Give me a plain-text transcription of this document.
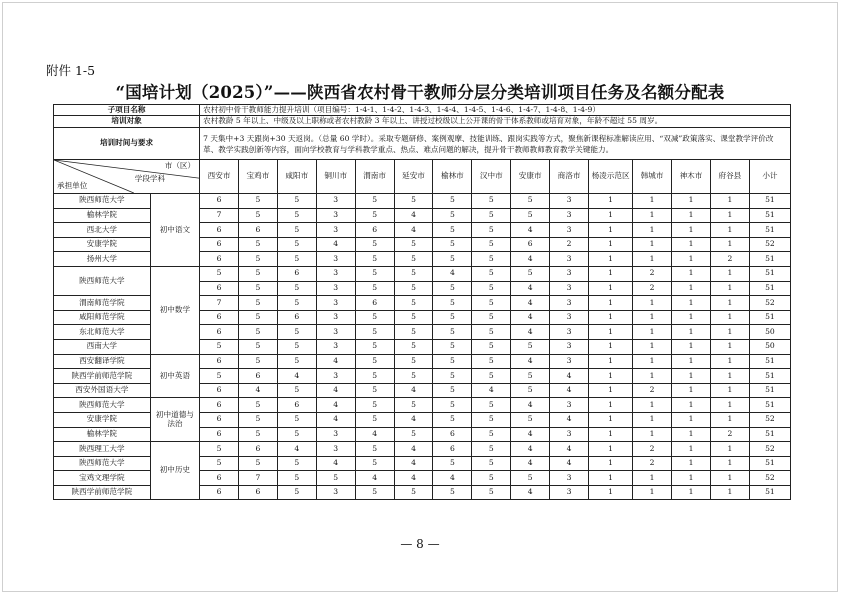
附件 1-5
“国培计划（2025）”——陕西省农村骨干教师分层分类培训项目任务及名额分配表
子项目名称		农村初中骨干教师能力提升培训（项目编号：1-4-1、1-4-2、1-4-3、1-4-4、1-4-5、1-4-6、1-4-7、1-4-8、1-4-9）														
培训对象		农村教龄 5 年以上、中级及以上职称或者农村教龄 3 年以上、讲授过校级以上公开课的骨干体系教师或培育对象，年龄不超过 55 周岁。														
培训时间与要求		7 天集中+3 天跟岗+30 天返岗。（总量 60 学时）。采取专题研修、案例观摩、技能训练、跟岗实践等方式，聚焦新课程标准解读应用、“双减”政策落实、课堂教学评价改革、教学实践创新等内容，面向学校教育与学科教学重点、热点、难点问题的解决，提升骨干教师教师教育教学关键能力。														

市（区）
学段学科
承担单位		西安市	宝鸡市	咸阳市	铜川市	渭南市	延安市	榆林市	汉中市	安康市	商洛市	杨凌示范区	韩城市	神木市	府谷县	小计
陕西师范大学	初中语文	6	5	5	3	5	5	5	5	5	3	1	1	1	1	51
榆林学院		7	5	5	3	5	4	5	5	5	3	1	1	1	1	51
西北大学		6	6	5	3	6	4	5	5	4	3	1	1	1	1	51
安康学院		6	5	5	4	5	5	5	5	6	2	1	1	1	1	52
扬州大学		6	5	5	3	5	5	5	5	4	3	1	1	1	2	51
陕西师范大学	初中数学	5	5	6	3	5	5	4	5	5	3	1	2	1	1	51
		6	5	5	3	5	5	5	5	4	3	1	2	1	1	51
渭南师范学院		7	5	5	3	6	5	5	5	4	3	1	1	1	1	52
咸阳师范学院		6	5	6	3	5	5	5	5	4	3	1	1	1	1	51
东北师范大学		6	5	5	3	5	5	5	5	4	3	1	1	1	1	50
西南大学		5	5	5	3	5	5	5	5	5	3	1	1	1	1	50
西安翻译学院	初中英语	6	5	5	4	5	5	5	5	4	3	1	1	1	1	51
陕西学前师范学院		5	6	4	3	5	5	5	5	5	4	1	1	1	1	51
西安外国语大学		6	4	5	4	5	4	5	4	5	4	1	2	1	1	51
陕西师范大学	初中道德与法治	6	5	6	4	5	5	5	5	4	3	1	1	1	1	51
安康学院		6	5	5	4	5	4	5	5	5	4	1	1	1	1	52
榆林学院		6	5	5	3	4	5	6	5	4	3	1	1	1	2	51
陕西理工大学	初中历史	5	6	4	3	5	4	6	5	4	4	1	2	1	1	52
陕西师范大学		5	5	5	4	5	4	5	5	4	4	1	2	1	1	51
宝鸡文理学院		6	7	5	5	4	4	4	5	5	3	1	1	1	1	52
陕西学前师范学院		6	6	5	3	5	5	5	5	4	3	1	1	1	1	51
— 8 —
